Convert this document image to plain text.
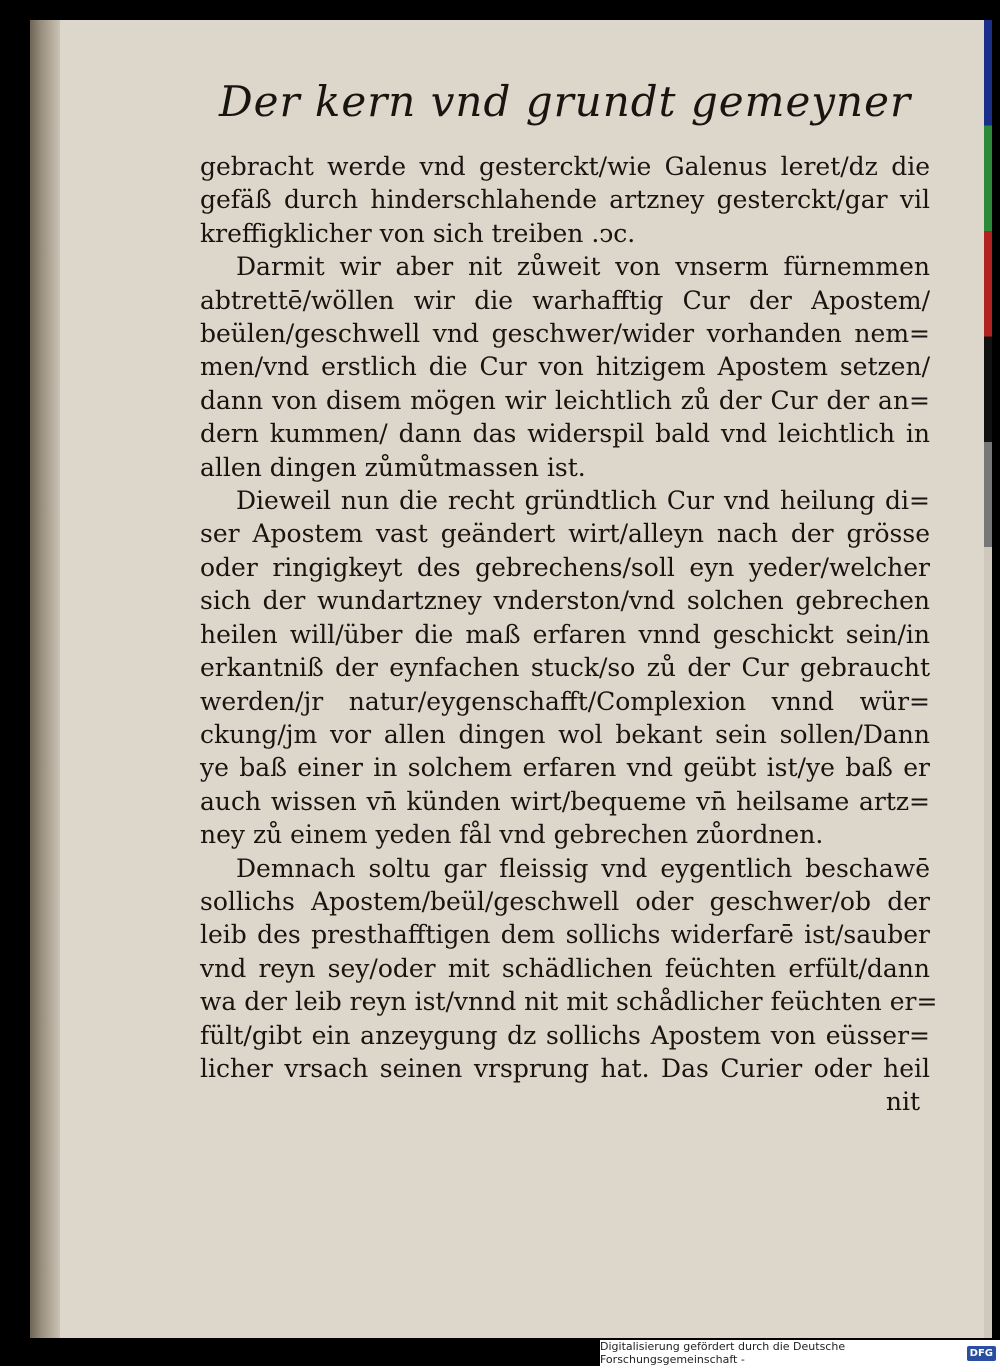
Der kern vnd grundt gemeyner
gebracht werde vnd gesterckt/wie Galenus leret/dz die
gefäß durch hinderschlahende artzney gesterckt/gar vil
kreffigklicher von sich treiben .ↄc.
Darmit wir aber nit zůweit von vnserm fürnemmen
abtrettē/wöllen wir die warhafftig Cur der Apostem/
beülen/geschwell vnd geschwer/wider vorhanden nem=
men/vnd erstlich die Cur von hitzigem Apostem setzen/
dann von disem mögen wir leichtlich zů der Cur der an=
dern kummen/ dann das widerspil bald vnd leichtlich in
allen dingen zůmůtmassen ist.
Dieweil nun die recht gründtlich Cur vnd heilung di=
ser Apostem vast geändert wirt/alleyn nach der grösse
oder ringigkeyt des gebrechens/soll eyn yeder/welcher
sich der wundartzney vnderston/vnd solchen gebrechen
heilen will/über die maß erfaren vnnd geschickt sein/in
erkantniß der eynfachen stuck/so zů der Cur gebraucht
werden/jr natur/eygenschafft/Complexion vnnd wür=
ckung/jm vor allen dingen wol bekant sein sollen/Dann
ye baß einer in solchem erfaren vnd geübt ist/ye baß er
auch wissen vn̄ künden wirt/bequeme vn̄ heilsame artz=
ney zů einem yeden fål vnd gebrechen zůordnen.
Demnach soltu gar fleissig vnd eygentlich beschawē
sollichs Apostem/beül/geschwell oder geschwer/ob der
leib des presthafftigen dem sollichs widerfarē ist/sauber
vnd reyn sey/oder mit schädlichen feüchten erfült/dann
wa der leib reyn ist/vnnd nit mit schådlicher feüchten er=
fült/gibt ein anzeygung dz sollichs Apostem von eüsser=
licher vrsach seinen vrsprung hat. Das Curier oder heil
nit
Digitalisierung gefördert durch die Deutsche Forschungsgemeinschaft -	DFG
